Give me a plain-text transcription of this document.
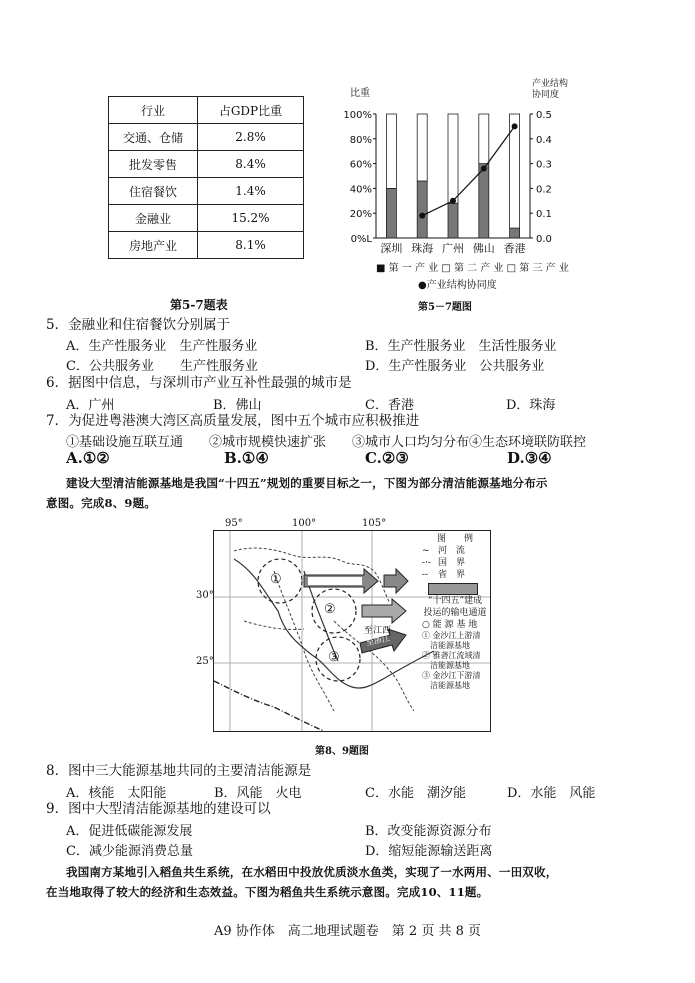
行业	占GDP比重
交通、仓储	2.8%
批发零售	8.4%
住宿餐饮	1.4%
金融业	15.2%
房地产业	8.1%
第5-7题表
比重
产业结构
协同度
0%L
20%
40%
60%
80%
100%
0.0
0.1
0.2
0.3
0.4
0.5
深圳 珠海 广州 佛山 香港
■ 第 一 产 业 □ 第 二 产 业 □ 第 三 产 业
●产业结构协同度
第5－7题图
5．金融业和住宿餐饮分别属于
A．生产性服务业　生产性服务业	B．生产性服务业　生活性服务业
C．公共服务业　　生产性服务业	D．生产性服务业　公共服务业
6．据图中信息，与深圳市产业互补性最强的城市是
A．广州	B．佛山	C．香港	D．珠海
7．为促进粤港澳大湾区高质量发展，图中五个城市应积极推进
①基础设施互联互通　　②城市规模快速扩张　　③城市人口均匀分布④生态环境联防联控
A.①②	B.①④	C.②③	D.③④
建设大型清洁能源基地是我国“十四五”规划的重要目标之一，下图为部分清洁能源基地分布示
意图。完成8、9题。
①
②
③
至江西
至浙江
图　　例
~ 河　流
-·- 国　界
-- 省　界
“十四五”建成
投运的输电通道
○ 能 源 基 地
① 金沙江上游清
　洁能源基地
② 雅砻江流域清
　洁能源基地
③ 金沙江下游清
　洁能源基地
95°	100°	105°
30°
25°
第8、9题图
8．图中三大能源基地共同的主要清洁能源是
A．核能　太阳能	B．风能　火电	C．水能　潮汐能	D．水能　风能
9．图中大型清洁能源基地的建设可以
A．促进低碳能源发展	B．改变能源资源分布
C．减少能源消费总量	D．缩短能源输送距离
我国南方某地引入稻鱼共生系统，在水稻田中投放优质淡水鱼类，实现了一水两用、一田双收，
在当地取得了较大的经济和生态效益。下图为稻鱼共生系统示意图。完成10、11题。
A9 协作体　高二地理试题卷　第 2 页 共 8 页
